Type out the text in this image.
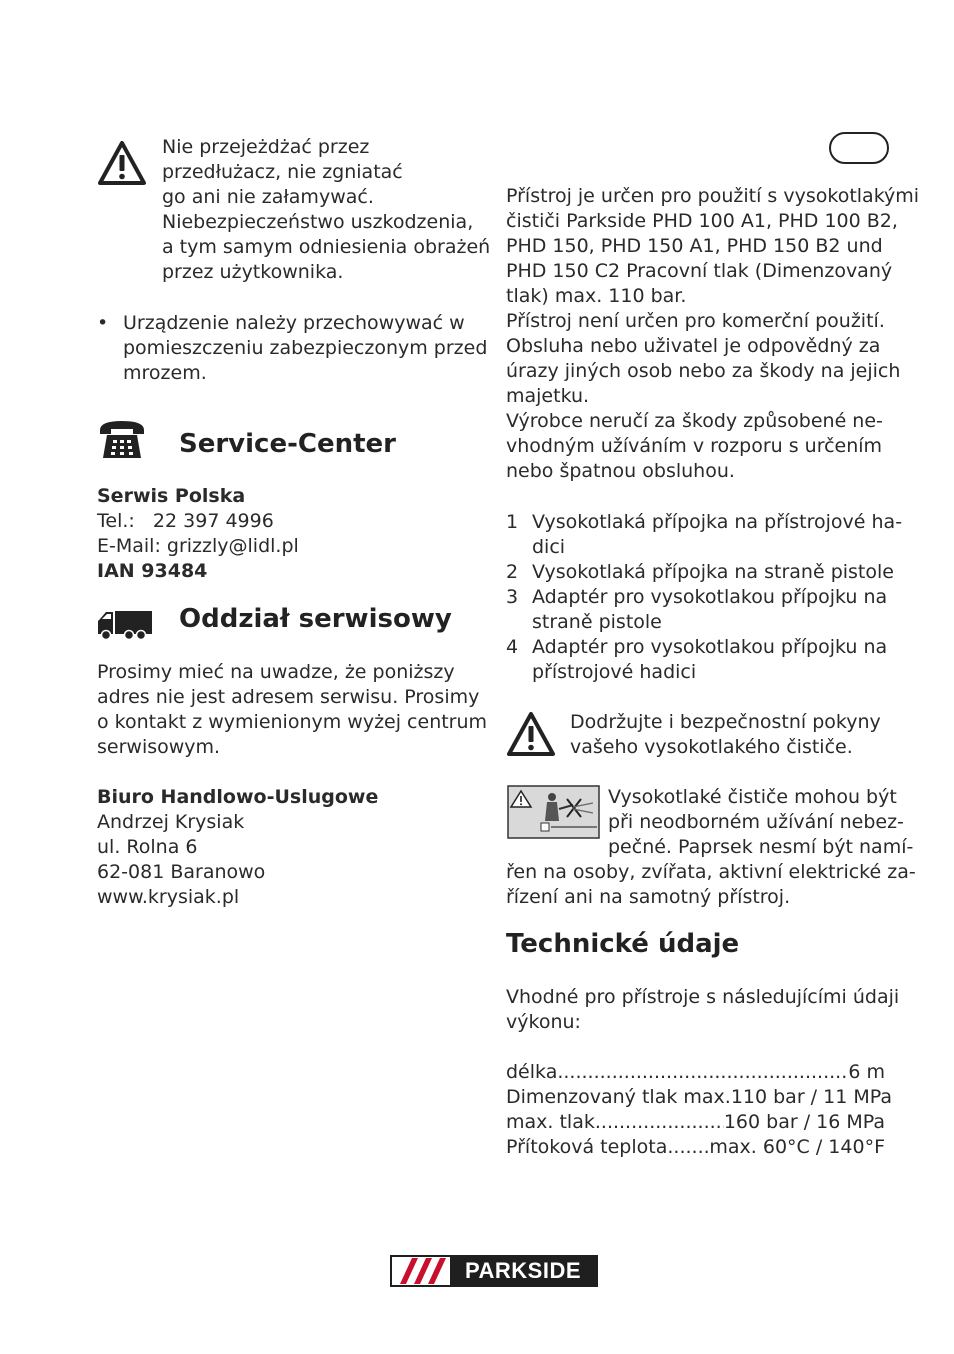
Nie przejeżdżać przez
przedłużacz, nie zgniatać
go ani nie załamywać.
Niebezpieczeństwo uszkodzenia,
a tym samym odniesienia obrażeń
przez użytkownika.
• Urządzenie należy przechowywać w
pomieszczeniu zabezpieczonym przed
mrozem.
Service-Center
Serwis Polska
Tel.: 22 397 4996
E-Mail: grizzly@lidl.pl
IAN 93484
Oddział serwisowy
Prosimy mieć na uwadze, że poniższy
adres nie jest adresem serwisu. Prosimy
o kontakt z wymienionym wyżej centrum
serwisowym.
Biuro Handlowo-Uslugowe
Andrzej Krysiak
ul. Rolna 6
62-081 Baranowo
www.krysiak.pl
Přístroj je určen pro použití s vysokotlakými
čističi Parkside PHD 100 A1, PHD 100 B2,
PHD 150, PHD 150 A1, PHD 150 B2 und
PHD 150 C2 Pracovní tlak (Dimenzovaný
tlak) max. 110 bar.
Přístroj není určen pro komerční použití.
Obsluha nebo uživatel je odpovědný za
úrazy jiných osob nebo za škody na jejich
majetku.
Výrobce neručí za škody způsobené ne-
vhodným užíváním v rozporu s určením
nebo špatnou obsluhou.
1 Vysokotlaká přípojka na přístrojové ha-
dici
2 Vysokotlaká přípojka na straně pistole
3 Adaptér pro vysokotlakou přípojku na
straně pistole
4 Adaptér pro vysokotlakou přípojku na
přístrojové hadici
Dodržujte i bezpečnostní pokyny
vašeho vysokotlakého čističe.
Vysokotlaké čističe mohou být
při neodborném užívání nebez-
pečné. Paprsek nesmí být namí-
řen na osoby, zvířata, aktivní elektrické za-
řízení ani na samotný přístroj.
Technické údaje
Vhodné pro přístroje s následujícími údaji
výkonu:
délka .....	6 m
Dimenzovaný tlak max. 110 bar / 11 MPa
max. tlak .....	160 bar / 16 MPa
Přítoková teplota ..... max. 60°C / 140°F
PARKSIDE
